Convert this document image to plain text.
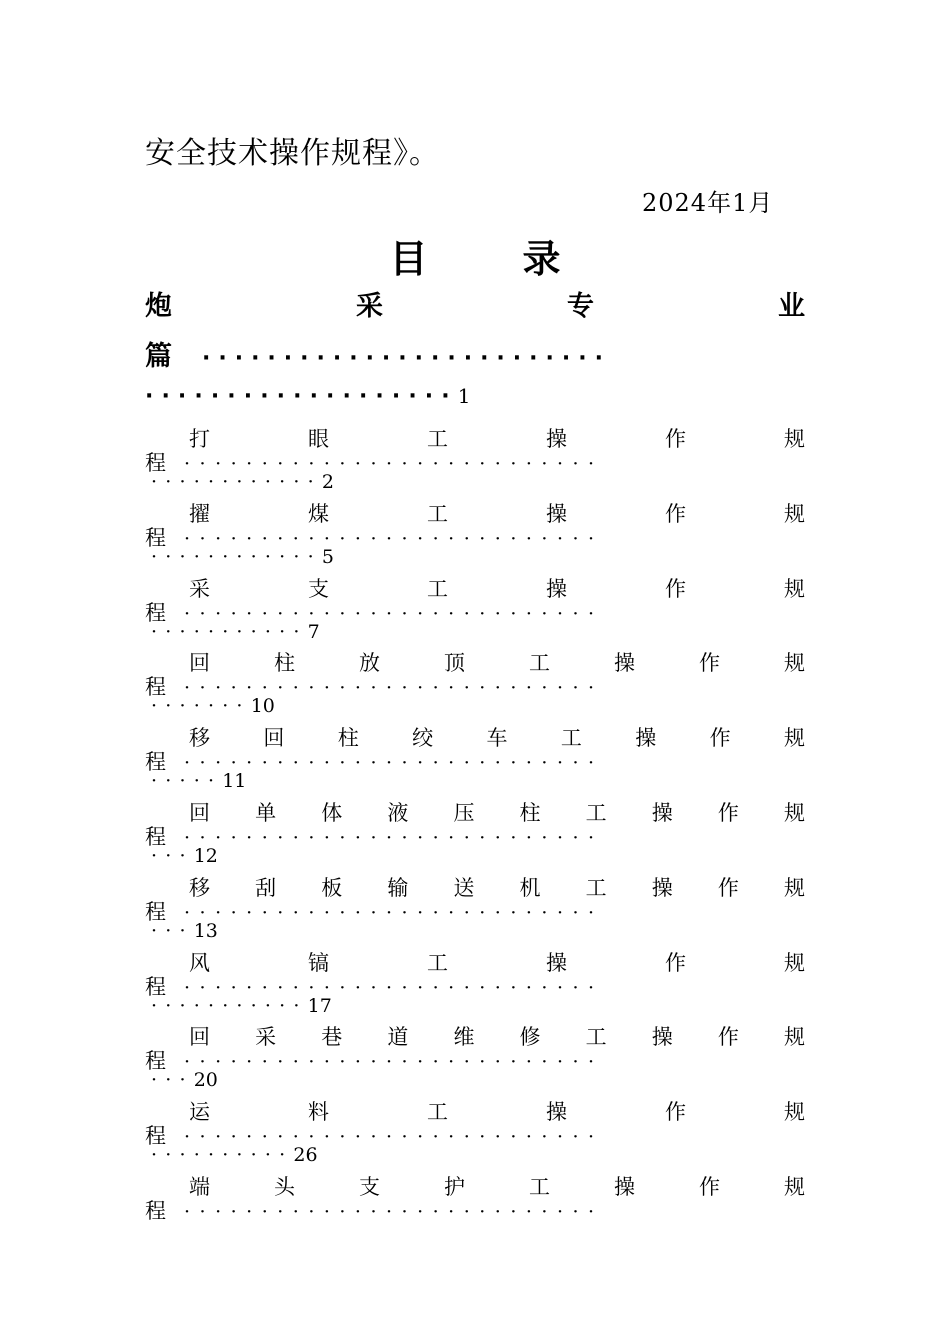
安全技术操作规程》。
2024年1月
目	录
炮	采	专	业
篇 ·························
···················1
打	眼	工	操	作	规
程 ···························
············2
擢	煤	工	操	作	规
程 ···························
············5
采	支	工	操	作	规
程 ···························
···········7
回	柱	放	顶	工	操	作	规
程 ···························
·······10
移	回	柱	绞	车	工	操	作	规
程 ···························
·····11
回 单 体 液 压 柱 工 操 作 规
程 ···························
···12
移 刮 板 输 送 机 工 操 作 规
程 ···························
···13
风	镐	工	操	作	规
程 ···························
···········17
回 采 巷 道 维 修 工 操 作 规
程 ···························
···20
运	料	工	操	作	规
程 ···························
··········26
端	头	支	护	工	操	作	规
程 ···························
